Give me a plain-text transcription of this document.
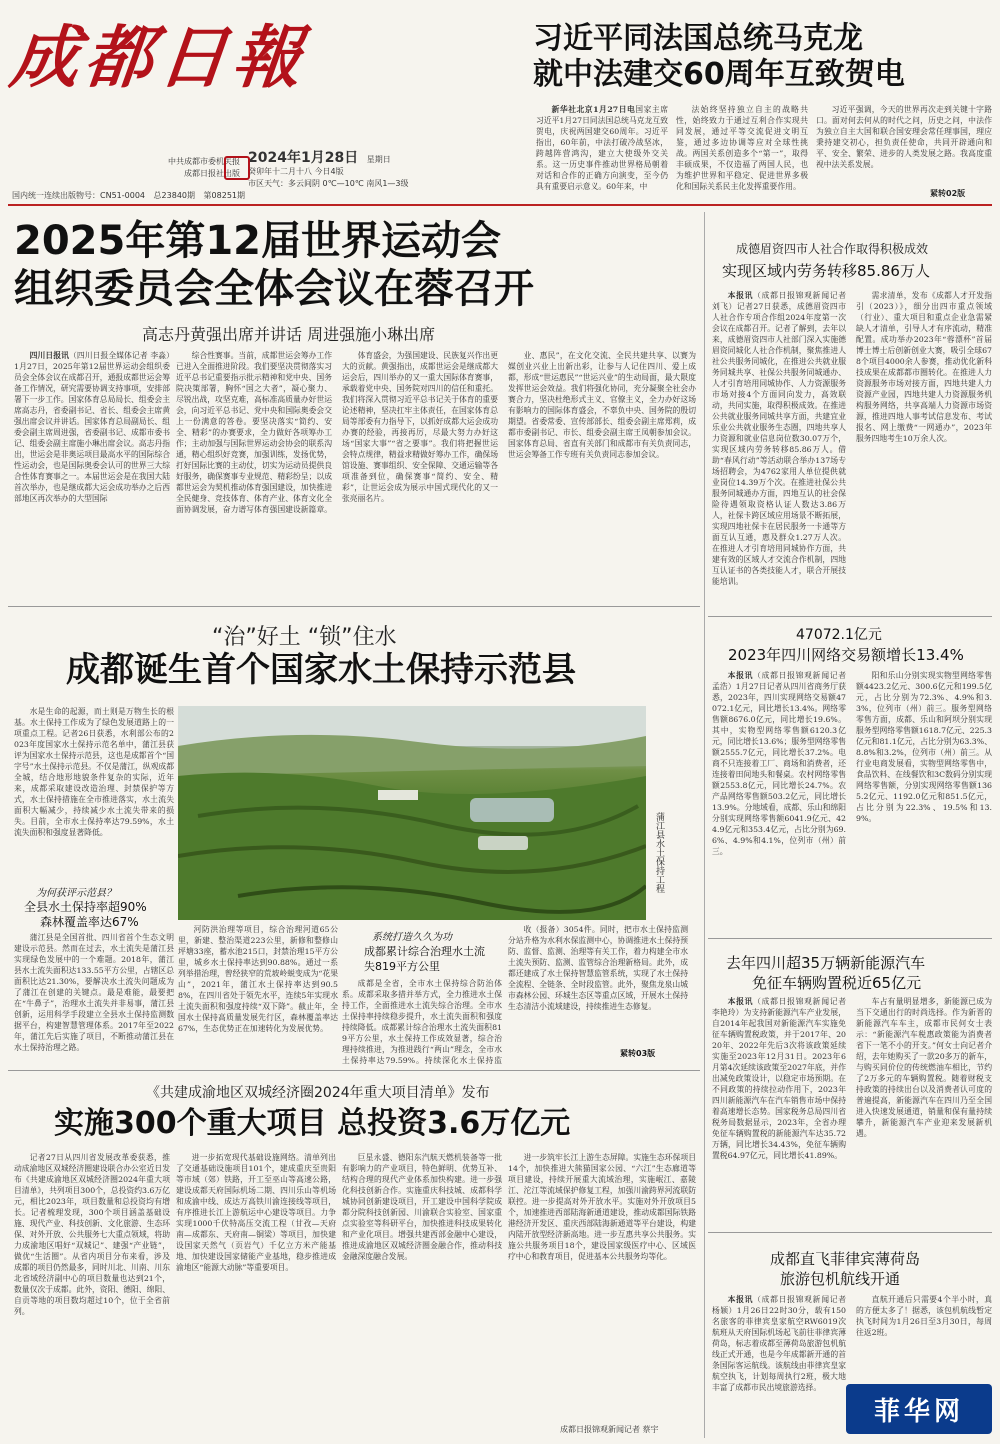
成都日報
中共成都市委机关报
成都日报社出版
2024年1月28日 星期日
癸卯年十二月十八 今日4版
市区天气：多云间阴 0℃—10℃ 南风1—3级
国内统一连续出版物号：CN51-0004 总23840期 第08251期
习近平同法国总统马克龙
就中法建交60周年互致贺电

新华社北京1月27日电国家主席习近平1月27日同法国总统马克龙互致贺电，庆祝两国建交60周年。习近平指出，60年前，中法打破冷战坚冰，跨越阵营鸿沟，建立大使级外交关系。这一历史事件推动世界格局朝着对话和合作的正确方向演变，至今仍具有重要启示意义。60年来，中

法始终坚持独立自主的战略共性，始终致力于通过互利合作实现共同发展，通过平等交流促进文明互鉴，通过多边协调等应对全球性挑战。两国关系创造多个“第一”，取得丰硕成果，不仅造福了两国人民，也为维护世界和平稳定、促进世界多极化和国际关系民主化发挥重要作用。

习近平强调，今天的世界再次走到关键十字路口。面对何去何从的时代之问，历史之问，中法作为独立自主大国和联合国安理会常任理事国，理应秉持建交初心，担负责任使命，共同开辟通向和平、安全、繁荣、进步的人类发展之路。我高度重视中法关系发展。

紧转02版
2025年第12届世界运动会
组织委员会全体会议在蓉召开
高志丹黄强出席并讲话 周进强施小琳出席

四川日报讯（四川日报全媒体记者 李淼）1月27日，2025年第12届世界运动会组织委员会全体会议在成都召开，通报成都世运会筹备工作情况，研究需要协调支持事项，安排部署下一步工作。国家体育总局局长、组委会主席高志丹，省委副书记、省长、组委会主席黄强出席会议并讲话。国家体育总局副局长、组委会副主席周进强，省委副书记、成都市委书记、组委会副主席施小琳出席会议。高志丹指出，世运会是非奥运项目最高水平的国际综合性运动会，也是国际奥委会认可的世界三大综合性体育赛事之一。本届世运会是在我国大陆首次举办，也是继成都大运会成功举办之后西部地区再次举办的大型国际

综合性赛事。当前，成都世运会筹办工作已进入全面推进阶段。我们要坚决贯彻落实习近平总书记重要指示批示精神和党中央、国务院决策部署，胸怀“国之大者”，凝心聚力、尽锐出战，攻坚克难，高标准高质量办好世运会，向习近平总书记、党中央和国际奥委会交上一份满意的答卷。要坚决落实“简约、安全、精彩”的办赛要求，全力做好各项筹办工作；主动加强与国际世界运动会协会的联系沟通，精心组织好竞赛，加强训练，发扬优势，打好国际比赛的主动仗，切实为运动员提供良好服务，确保赛事专业规范、精彩纷呈；以成都世运会为契机推动体育强国建设，加快推进全民健身、竞技体育、体育产业、体育文化全面协调发展，奋力谱写体育强国建设新篇章。

体育盛会，为强国建设、民族复兴作出更大的贡献。黄强指出，成都世运会是继成都大运会后，四川举办的又一重大国际体育赛事，承载着党中央、国务院对四川的信任和重托。我们将深入贯彻习近平总书记关于体育的重要论述精神，坚决扛牢主体责任，在国家体育总局等部委有力指导下，以抓好成都大运会成功办赛的经验，再接再厉，尽最大努力办好这场“国家大事”“省之要事”。我们将把握世运会特点规律，精益求精做好筹办工作，确保场馆设施、赛事组织、安全保障、交通运输等各项准备到位，确保赛事“简约、安全、精彩”，让世运会成为展示中国式现代化的又一张亮丽名片。

业、惠民”，在文化交流、全民共建共享、以赛为媒创业兴业上出新出彩，让参与人记住四川、爱上成都，形成“世运惠民”“世运兴业”的生动局面，最大限度发挥世运会效益。我们将强化协同，充分凝聚全社会办赛合力，坚决杜绝形式主义、官僚主义，全力办好这场有影响力的国际体育盛会，不辜负中央、国务院的殷切期望。省委常委、宣传部部长、组委会副主席郑莉，成都市委副书记、市长、组委会副主席王凤朝参加会议。国家体育总局、省直有关部门和成都市有关负责同志，世运会筹备工作专班有关负责同志参加会议。

成德眉资四市人社合作取得积极成效
实现区域内劳务转移85.86万人

本报讯（成都日报锦观新闻记者 刘飞）记者27日获悉，成德眉资四市人社合作专项合作组2024年度第一次会议在成都召开。记者了解到，去年以来，成德眉资四市人社部门深入实施德眉资同城化人社合作机制，聚焦推进人社公共服务同城化，在推进公共就业服务同城共享、社保公共服务同城通办、人才引育培用同城协作、人力资源服务市场对接4个方面同向发力，高效联动，共同实施，取得积极成效。在推进公共就业服务同城共享方面，共建宜业乐业公共就业服务生态圈，四地共享人力资源和就业信息岗位数30.07万个，实现区域内劳务转移85.86万人。借助“春风行动”等活动联合举办137场专场招聘会，为4762家用人单位提供就业岗位14.39万个次。在推进社保公共服务同城通办方面，四地互认的社会保险待遇领取资格认证人数达3.86万人，社保卡跨区域应用场景不断拓展，实现四地社保卡在居民服务一卡通等方面互认互通，惠及群众1.27万人次。在推进人才引育培用同城协作方面，共建有效的区域人才交流合作机制，四地互认证书的各类技能人才，联合开展技能培训。

需求清单，发布《成都人才开发指引（2023）》，细分出四市重点领域（行业）、重大项目和重点企业急需紧缺人才清单，引导人才有序流动，精准配置。成功举办2023年“蓉漂杯”首届博士博士后创新创业大赛，吸引全球678个项目4000余人参赛，推动优化新科技成果在成都都市圈转化。在推进人力资源服务市场对接方面，四地共建人力资源产业园，四地共建人力资源服务机构服务网络，共享高端人力资源市场资源，推进四地人事考试信息发布、考试报名、网上缴费“一网通办”，2023年服务四地考生10万余人次。

“治”好土 “锁”住水
成都诞生首个国家水土保持示范县

水是生命的起源，而土则是万物生长的根基。水土保持工作成为了绿色发展道路上的一项重点工程。记者26日获悉，水利部公布的2023年度国家水土保持示范名单中，蒲江县获评为国家水土保持示范县，这也是成都首个“国字号”水土保持示范县。不仅是蒲江，纵观成都全城，结合地形地貌条件复杂的实际，近年来，成都采取建设改造治理、封禁保护等方式，水土保持措施在全市推进落实，水土流失面积大幅减少，持续减少水土流失带来的损失。目前，全市水土保持率达79.59%，水土流失面积和强度显著降低。

为何获评示范县？
全县水土保持率超90%
森林覆盖率达67%

蒲江县是全国首批、四川省首个生态文明建设示范县。然而在过去，水土流失是蒲江县实现绿色发展中的一个难题。2018年，蒲江县水土流失面积达133.55平方公里，占辖区总面积比达21.30%，要解决水土流失问题成为了蒲江在创建的关键点。最是难能，最要把在“牛鼻子”，治理水土流失并非易事，蒲江县创新，运用科学手段建立全县水土保持监测数据平台，构建智慧管理体系。2017年至2022年，蒲江先后实施了项目，不断推动蒲江县在水土保持治理之路。

蒲江县水土保持工程

河防洪治理等项目，综合治理河道65公里，新建、整治渠道223公里，新修和整修山坪塘33座，蓄水池215口，封禁治理15平方公里，城乡水土保持率达到90.88%。通过一系列举措治理，曾经狭窄的荒坡岭蜕变成为“花果山”，2021年，蒲江水土保持率达到90.58%，在四川省处于领先水平，连续5年实现水土流失面积和强度持续“双下降”。截止年，全国水土保持高质量发展先行区，森林覆盖率达67%，生态优势正在加速转化为发展优势。

系统打造久久为功
成都累计综合治理水土流失819平方公里

成都是全省，全市水土保持综合防治体系。成都采取多措并举方式，全力推进水土保持工作，全面推进水土流失综合治理。全市水土保持率持续稳步提升，水土流失面积和强度持续降低。成都累计综合治理水土流失面积819平方公里，水土保持工作成效显著，综合治理持续推进，为推进践行“两山”理念，全市水土保持率达79.59%。持续深化水土保持监

收（报备）3054件。同时，把市水土保持监测分站升格为水利水保监测中心，协调推进水土保持预防、监督、监测、治理等有关工作，着力构建全市水土流失预防、监测、监管综合治理新格局。此外，成都还建成了水土保持智慧监管系统，实现了水土保持全流程、全链条、全时段监管。此外，聚焦龙泉山城市森林公园、环城生态区等重点区域，开展水土保持生态清洁小流域建设，持续推进生态修复。

紧转03版
《共建成渝地区双城经济圈2024年重大项目清单》发布
实施300个重大项目 总投资3.6万亿元

记者27日从四川省发展改革委获悉，推动成渝地区双城经济圈建设联合办公室近日发布《共建成渝地区双城经济圈2024年重大项目清单》，共列项目300个，总投资约3.6万亿元，相比2023年，项目数量和总投资均有增长。记者梳理发现，300个项目涵盖基础设施、现代产业、科技创新、文化旅游、生态环保、对外开放、公共服务七大重点领域，将助力成渝地区唱好“双城记”、建强“产业链”，做优“生活圈”。从省内项目分布来看，涉及成都的项目仍然最多，同时川北、川南、川东北省域经济副中心的项目数量也达到21个，数量仅次于成都。此外，资阳、德阳、绵阳、自贡等地的项目数均超过10个，位于全省前列。

进一步拓宽现代基础设施网络。清单列出了交通基础设施项目101个，建成重庆至贵阳等市域（郊）铁路，开工至巫山等高速公路，建设成都天府国际机场二期、四川乐山等机场和成渝中线、成达万高铁川渝连接线等项目，有序推进长江上游航运中心建设等项目。力争实现1000千伏特高压交流工程（甘孜—天府南—成都东、天府南—铜梁）等项目，加快建设国家天然气（页岩气）千亿立方米产能基地、加快建设国家储能产业基地，稳步推进成渝地区“能源大动脉”等重要项目。

巨星永盛、德阳东汽航天燃机装备等一批有影响力的产业项目，特色鲜明、优势互补、结构合理的现代产业体系加快构建。进一步强化科技创新合作。实施重庆科技城、成都科学城协同创新建设项目，开工建设中国科学院成都分院科技创新园、川渝联合实验室、国家重点实验室等科研平台，加快推进科技成果转化和产业化项目。增强共建西部金融中心建设，推进成渝地区双城经济圈金融合作，推动科技金融深度融合发展。

进一步筑牢长江上游生态屏障。实施生态环保项目14个，加快推进大熊猫国家公园、“六江”生态廊道等项目建设，持续开展重大流域治理，实施岷江、嘉陵江、沱江等流域保护修复工程，加强川渝跨界河流联防联控。进一步提高对外开放水平。实施对外开放项目5个，加速推进西部陆海新通道建设，推动成都国际铁路港经济开发区、重庆西部陆海新通道等平台建设，构建内陆开放型经济新高地。进一步互惠共享公共服务。实施公共服务项目18个，建设国家级医疗中心、区域医疗中心和教育项目，促进基本公共服务均等化。

成都日报锦观新闻记者 蔡宇
47072.1亿元
2023年四川网络交易额增长13.4%

本报讯（成都日报锦观新闻记者 孟浩）1月27日记者从四川省商务厅获悉，2023年，四川实现网络交易额47072.1亿元，同比增长13.4%。网络零售额8676.0亿元，同比增长19.6%。其中，实物型网络零售额6120.3亿元，同比增长13.6%；服务型网络零售额2555.7亿元，同比增长37.2%。电商不只连接着工厂、商场和消费者，还连接着田间地头和餐桌。农村网络零售额2553.8亿元，同比增长24.7%。农产品网络零售额503.2亿元，同比增长13.9%。分地域看，成都、乐山和绵阳分别实现网络零售额6041.9亿元、424.9亿元和353.4亿元，占比分别为69.6%、4.9%和4.1%，位列市（州）前三。

阳和乐山分别实现实物型网络零售额4423.2亿元、300.6亿元和199.5亿元，占比分别为72.3%、4.9%和3.3%，位列市（州）前三。服务型网络零售方面，成都、乐山和阿坝分别实现服务型网络零售额1618.7亿元、225.3亿元和81.1亿元，占比分别为63.3%、8.8%和3.2%，位列市（州）前三。从行业电商发展看，实物型网络零售中，食品饮料、在线餐饮和3C数码分别实现网络零售额，分别实现网络零售额1365.2亿元、1192.0亿元和851.5亿元，占比分别为22.3%、19.5%和13.9%。

去年四川超35万辆新能源汽车
免征车辆购置税近65亿元

本报讯（成都日报锦观新闻记者 李艳玲）为支持新能源汽车产业发展，自2014年起我国对新能源汽车实施免征车辆购置税政策，并于2017年、2020年、2022年先后3次将该政策延续实施至2023年12月31日。2023年6月第4次延续该政策至2027年底，并作出减免政策设计，以稳定市场预期。在不同政策的持续拉动作用下，2023年四川新能源汽车在汽车销售市场中保持着高速增长态势。国家税务总局四川省税务局数据显示，2023年，全省办理免征车辆购置税的新能源汽车达35.72万辆，同比增长34.43%，免征车辆购置税64.97亿元，同比增长41.89%。

车占有量明显增多，新能源已成为当下交通出行的时尚选择。作为新晋的新能源汽车车主，成都市民何女士表示：“新能源汽车税惠政策能为消费者省下一笔不小的开支。”何女士向记者介绍，去年她购买了一款20多万的新车，与购买同价位的传统燃油车相比，节约了2万多元的车辆购置税。随着财税支持政策的持续出台以及消费者认可度的普遍提高，新能源汽车在四川乃至全国进入快速发展通道，销量和保有量持续攀升，新能源汽车产业迎来发展新机遇。

成都直飞菲律宾薄荷岛
旅游包机航线开通

本报讯（成都日报锦观新闻记者 杨颖）1月26日22时30分，载有150名旅客的菲律宾皇家航空RW6019次航班从天府国际机场起飞前往菲律宾薄荷岛，标志着成都至薄荷岛旅游包机航线正式开通，也是今年成都新开通的首条国际客运航线。该航线由菲律宾皇家航空执飞，计划每周执行2班，极大地丰富了成都市民出境旅游选择。

直航开通后只需要4个半小时，真的方便太多了！据悉，该包机航线暂定执飞时间为1月26日至3月30日，每周往返2班。

菲华网
